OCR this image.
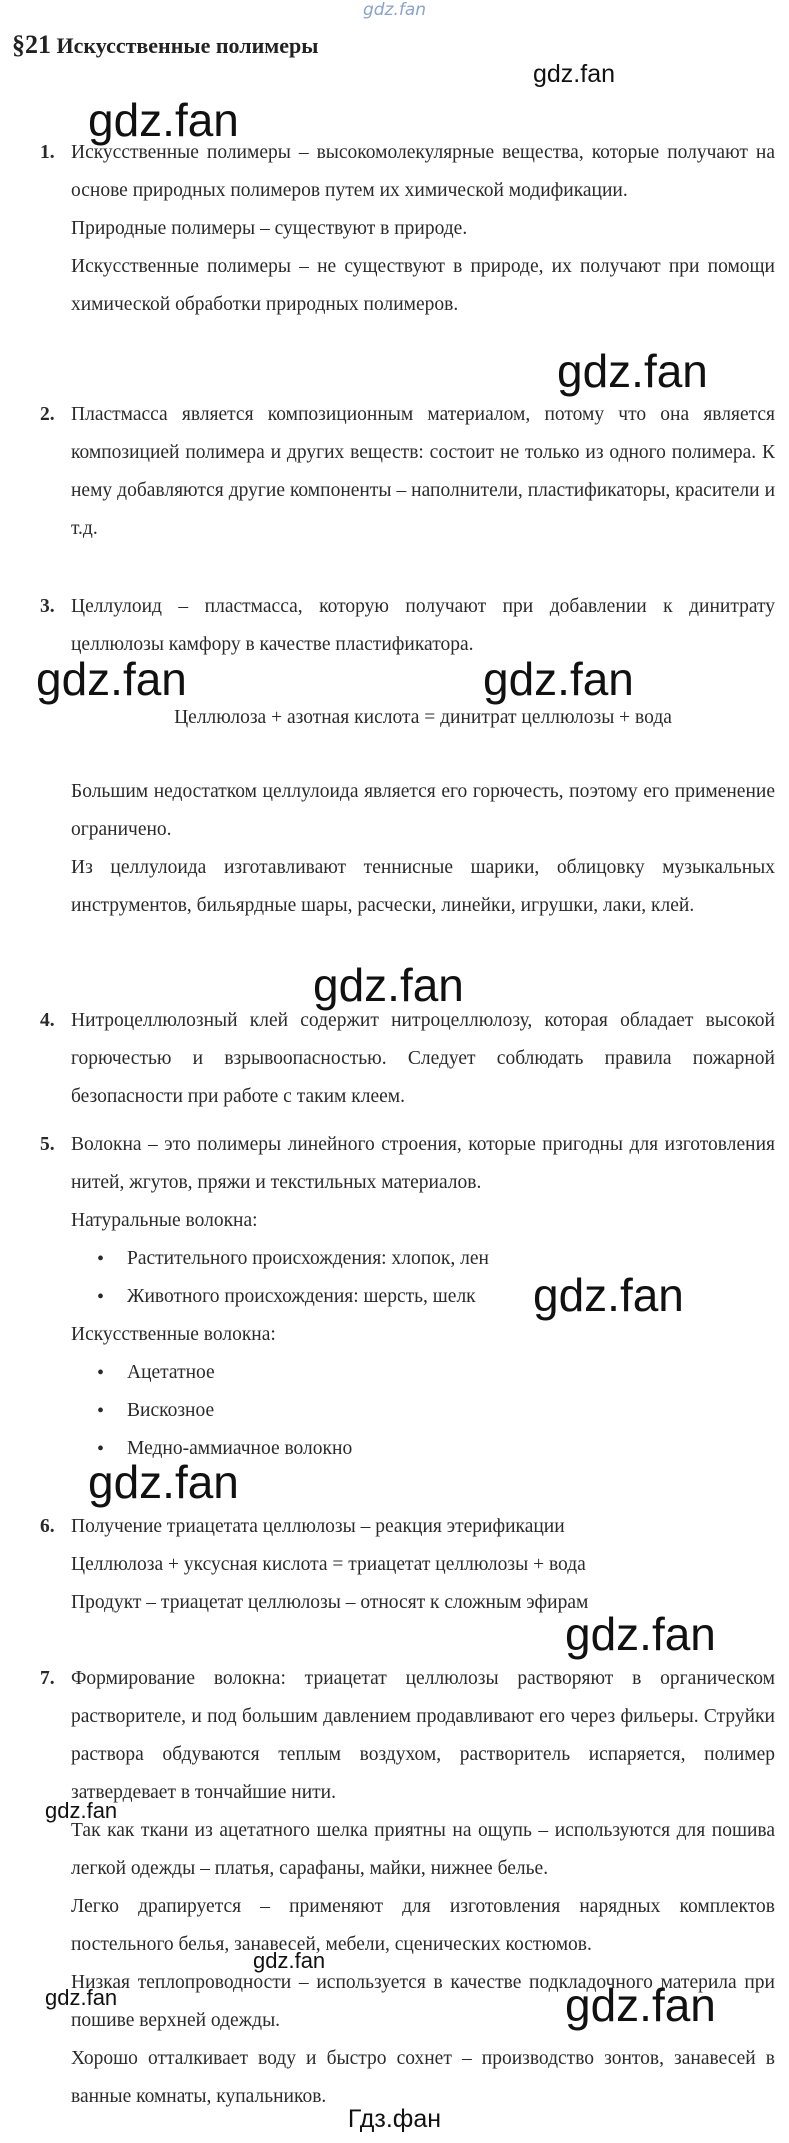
gdz.fan
§21 Искусственные полимеры
1. Искусственные полимеры – высокомолекулярные вещества, которые получают на основе природных полимеров путем их химической модификации.

Природные полимеры – существуют в природе.

Искусственные полимеры – не существуют в природе, их получают при помощи химической обработки природных полимеров.

2. Пластмасса является композиционным материалом, потому что она является композицией полимера и других веществ: состоит не только из одного полимера. К нему добавляются другие компоненты – наполнители, пластификаторы, красители и т.д.

3. Целлулоид – пластмасса, которую получают при добавлении к динитрату целлюлозы камфору в качестве пластификатора.

Целлюлоза + азотная кислота = динитрат целлюлозы + вода

Большим недостатком целлулоида является его горючесть, поэтому его применение ограничено.

Из целлулоида изготавливают теннисные шарики, облицовку музыкальных инструментов, бильярдные шары, расчески, линейки, игрушки, лаки, клей.

4. Нитроцеллюлозный клей содержит нитроцеллюлозу, которая обладает высокой горючестью и взрывоопасностью. Следует соблюдать правила пожарной безопасности при работе с таким клеем.

5. Волокна – это полимеры линейного строения, которые пригодны для изготовления нитей, жгутов, пряжи и текстильных материалов.

Натуральные волокна:

• Растительного происхождения: хлопок, лен
• Животного происхождения: шерсть, шелк

Искусственные волокна:

• Ацетатное
• Вискозное
• Медно-аммиачное волокно
6. Получение триацетата целлюлозы – реакция этерификации

Целлюлоза + уксусная кислота = триацетат целлюлозы + вода

Продукт – триацетат целлюлозы – относят к сложным эфирам

7. Формирование волокна: триацетат целлюлозы растворяют в органическом растворителе, и под большим давлением продавливают его через фильеры. Струйки раствора обдуваются теплым воздухом, растворитель испаряется, полимер затвердевает в тончайшие нити.

Так как ткани из ацетатного шелка приятны на ощупь – используются для пошива легкой одежды – платья, сарафаны, майки, нижнее белье.

Легко драпируется – применяют для изготовления нарядных комплектов постельного белья, занавесей, мебели, сценических костюмов.

Низкая теплопроводности – используется в качестве подкладочного материла при пошиве верхней одежды.

Хорошо отталкивает воду и быстро сохнет – производство зонтов, занавесей в ванные комнаты, купальников.

gdz.fan
gdz.fan
gdz.fan
gdz.fan	gdz.fan
gdz.fan
gdz.fan
gdz.fan
gdz.fan
gdz.fan
gdz.fan
gdz.fan	gdz.fan
Гдз.фан
